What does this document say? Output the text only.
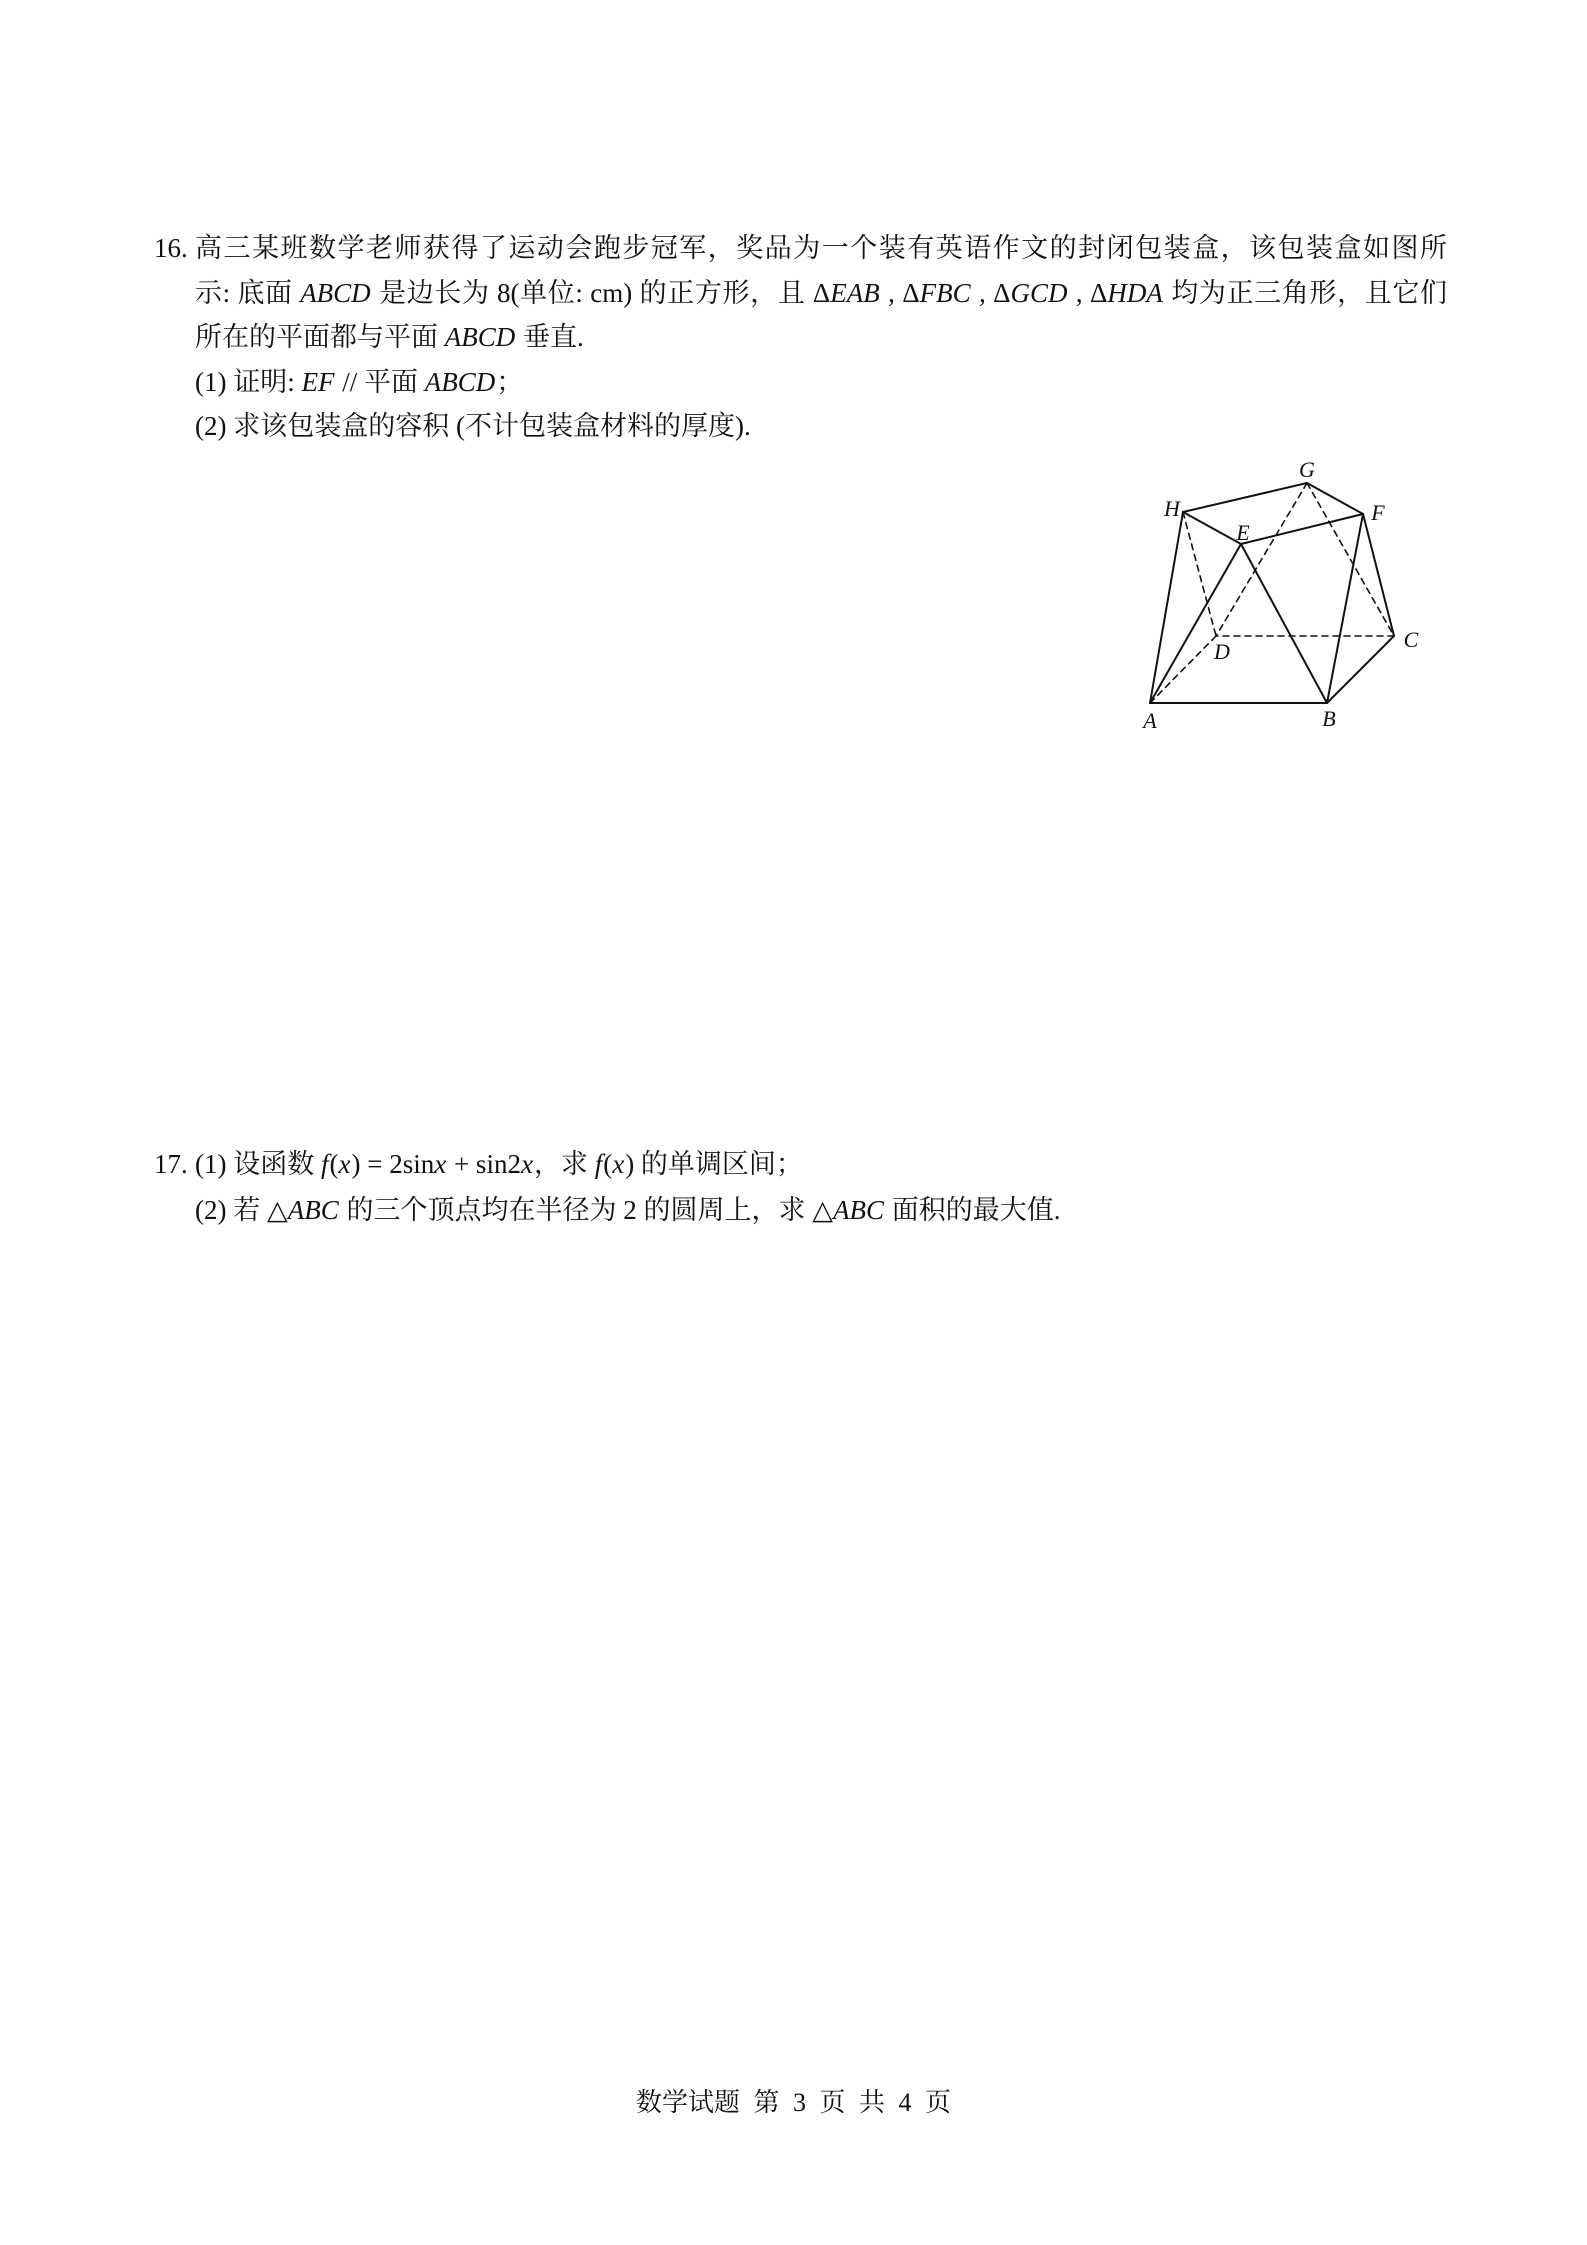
16. 高三某班数学老师获得了运动会跑步冠军，奖品为一个装有英语作文的封闭包装盒，该包装盒如图所
示: 底面 ABCD 是边长为 8(单位: cm) 的正方形，且 ΔEAB , ΔFBC , ΔGCD , ΔHDA 均为正三角形，且它们
所在的平面都与平面 ABCD 垂直.
(1) 证明: EF // 平面 ABCD；
(2) 求该包装盒的容积 (不计包装盒材料的厚度).
A	B
C
D
E
F
G
H
17. (1) 设函数 f(x) = 2sinx + sin2x，求 f(x) 的单调区间；
(2) 若 △ABC 的三个顶点均在半径为 2 的圆周上，求 △ABC 面积的最大值.
数学试题 第 3 页 共 4 页
